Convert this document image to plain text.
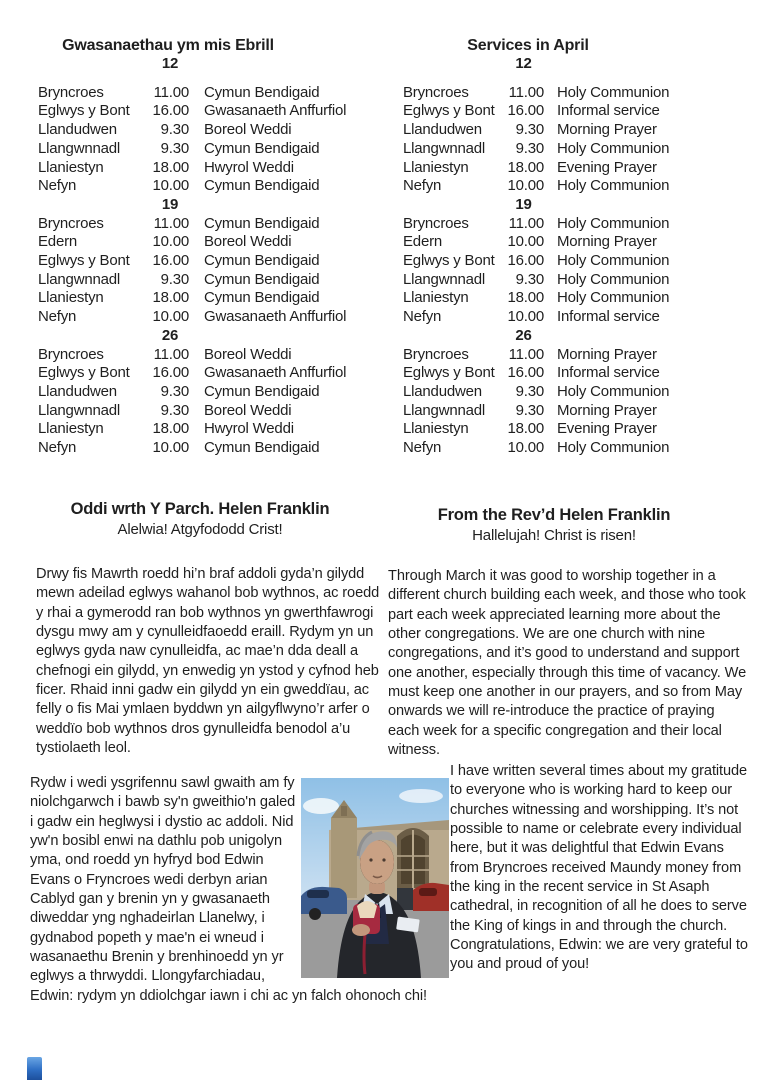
Gwasanaethau ym mis Ebrill
12
Bryncroes	11.00	Cymun Bendigaid
Eglwys y Bont	16.00	Gwasanaeth Anffurfiol
Llandudwen	9.30	Boreol Weddi
Llangwnnadl	9.30	Cymun Bendigaid
Llaniestyn	18.00	Hwyrol Weddi
Nefyn	10.00	Cymun Bendigaid
19
Bryncroes	11.00	Cymun Bendigaid
Edern	10.00	Boreol Weddi
Eglwys y Bont	16.00	Cymun Bendigaid
Llangwnnadl	9.30	Cymun Bendigaid
Llaniestyn	18.00	Cymun Bendigaid
Nefyn	10.00	Gwasanaeth Anffurfiol
26
Bryncroes	11.00	Boreol Weddi
Eglwys y Bont	16.00	Gwasanaeth Anffurfiol
Llandudwen	9.30	Cymun Bendigaid
Llangwnnadl	9.30	Boreol Weddi
Llaniestyn	18.00	Hwyrol Weddi
Nefyn	10.00	Cymun Bendigaid
Services in April
12
Bryncroes	11.00 Holy Communion
Eglwys y Bont 16.00 Informal service
Llandudwen	9.30 Morning Prayer
Llangwnnadl	9.30 Holy Communion
Llaniestyn	18.00 Evening Prayer
Nefyn	10.00 Holy Communion
19
Bryncroes	11.00 Holy Communion
Edern	10.00 Morning Prayer
Eglwys y Bont 16.00 Holy Communion
Llangwnnadl	9.30 Holy Communion
Llaniestyn	18.00 Holy Communion
Nefyn	10.00 Informal service
26
Bryncroes	11.00 Morning Prayer
Eglwys y Bont 16.00 Informal service
Llandudwen	9.30 Holy Communion
Llangwnnadl	9.30 Morning Prayer
Llaniestyn	18.00 Evening Prayer
Nefyn	10.00 Holy Communion
Oddi wrth Y Parch. Helen Franklin
Alelwia! Atgyfododd Crist!
From the Rev’d Helen Franklin
Hallelujah! Christ is risen!
Drwy fis Mawrth roedd hi’n braf addoli gyda’n gilydd mewn adeilad eglwys wahanol bob wythnos, ac roedd y rhai a gymerodd ran bob wythnos yn gwerthfawrogi dysgu mwy am y cynulleidfaoedd eraill. Rydym yn un eglwys gyda naw cynulleidfa, ac mae’n dda deall a chefnogi ein gilydd, yn enwedig yn ystod y cyfnod heb ficer. Rhaid inni gadw ein gilydd yn ein gweddïau, ac felly o fis Mai ymlaen byddwn yn ailgyflwyno’r arfer o weddïo bob wythnos dros gynulleidfa benodol a’u tystiolaeth leol.
Through March it was good to worship together in a different church building each week, and those who took part each week appreciated learning more about the other congregations. We are one church with nine congregations, and it’s good to understand and support one another, especially through this time of vacancy. We must keep one another in our prayers, and so from May onwards we will re-introduce the practice of praying each week for a specific congregation and their local witness.
Rydw i wedi ysgrifennu sawl gwaith am fy niolchgarwch i bawb sy'n gweithio'n galed i gadw ein heglwysi i dystio ac addoli. Nid yw'n bosibl enwi na dathlu pob unigolyn yma, ond roedd yn hyfryd bod Edwin Evans o Fryncroes wedi derbyn arian Cablyd gan y brenin yn y gwasanaeth diweddar yng nghadeirlan Llanelwy, i gydnabod popeth y mae'n ei wneud i wasanaethu Brenin y brenhinoedd yn yr eglwys a thrwyddi. Llongyfarchiadau, Edwin: rydym yn ddiolchgar iawn i chi ac yn falch ohonoch chi!
I have written several times about my gratitude to everyone who is working hard to keep our churches witnessing and worshipping. It’s not possible to name or celebrate every individual here, but it was delightful that Edwin Evans from Bryncroes received Maundy money from the king in the recent service in St Asaph cathedral, in recognition of all he does to serve the King of kings in and through the church. Congratulations, Edwin: we are very grateful to you and proud of you!
